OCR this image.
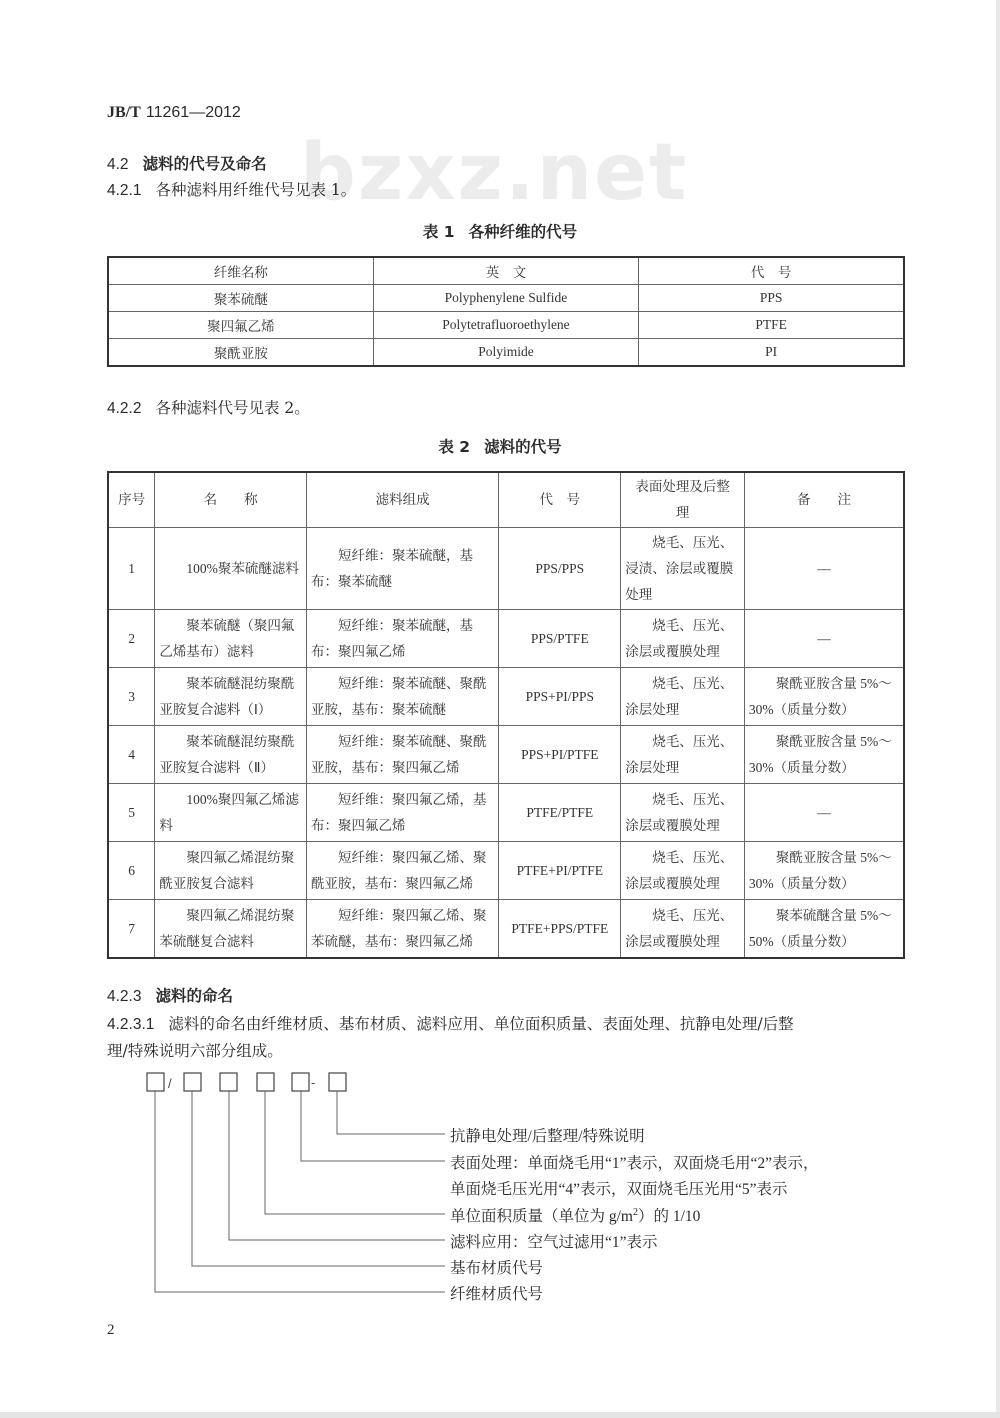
bzxz.net
JB/T 11261—2012
4.2 滤料的代号及命名
4.2.1 各种滤料用纤维代号见表 1。
表 1 各种纤维的代号
纤维名称	英　文	代　号
聚苯硫醚	Polyphenylene Sulfide	PPS
聚四氟乙烯	Polytetrafluoroethylene	PTFE
聚酰亚胺	Polyimide	PI
4.2.2 各种滤料代号见表 2。
表 2 滤料的代号
序号	名　　称	滤料组成	代　号	表面处理及后整理	备　　注
1	100%聚苯硫醚滤料	短纤维：聚苯硫醚，基布：聚苯硫醚	PPS/PPS	烧毛、压光、浸渍、涂层或覆膜处理	—
2	聚苯硫醚（聚四氟乙烯基布）滤料	短纤维：聚苯硫醚，基布：聚四氟乙烯	PPS/PTFE	烧毛、压光、涂层或覆膜处理	—
3	聚苯硫醚混纺聚酰亚胺复合滤料（Ⅰ）	短纤维：聚苯硫醚、聚酰亚胺，基布：聚苯硫醚	PPS+PI/PPS	烧毛、压光、涂层处理	聚酰亚胺含量 5%～30%（质量分数）
4	聚苯硫醚混纺聚酰亚胺复合滤料（Ⅱ）	短纤维：聚苯硫醚、聚酰亚胺，基布：聚四氟乙烯	PPS+PI/PTFE	烧毛、压光、涂层处理	聚酰亚胺含量 5%～30%（质量分数）
5	100%聚四氟乙烯滤料	短纤维：聚四氟乙烯，基布：聚四氟乙烯	PTFE/PTFE	烧毛、压光、涂层或覆膜处理	—
6	聚四氟乙烯混纺聚酰亚胺复合滤料	短纤维：聚四氟乙烯、聚酰亚胺，基布：聚四氟乙烯	PTFE+PI/PTFE	烧毛、压光、涂层或覆膜处理	聚酰亚胺含量 5%～30%（质量分数）
7	聚四氟乙烯混纺聚苯硫醚复合滤料	短纤维：聚四氟乙烯、聚苯硫醚，基布：聚四氟乙烯	PTFE+PPS/PTFE	烧毛、压光、涂层或覆膜处理	聚苯硫醚含量 5%～50%（质量分数）
4.2.3 滤料的命名
4.2.3.1 滤料的命名由纤维材质、基布材质、滤料应用、单位面积质量、表面处理、抗静电处理/后整
理/特殊说明六部分组成。
/	-
抗静电处理/后整理/特殊说明
表面处理：单面烧毛用“1”表示，双面烧毛用“2”表示，
单面烧毛压光用“4”表示，双面烧毛压光用“5”表示
单位面积质量（单位为 $g/m^2$）的 1/10
滤料应用：空气过滤用“1”表示
基布材质代号
纤维材质代号
2
